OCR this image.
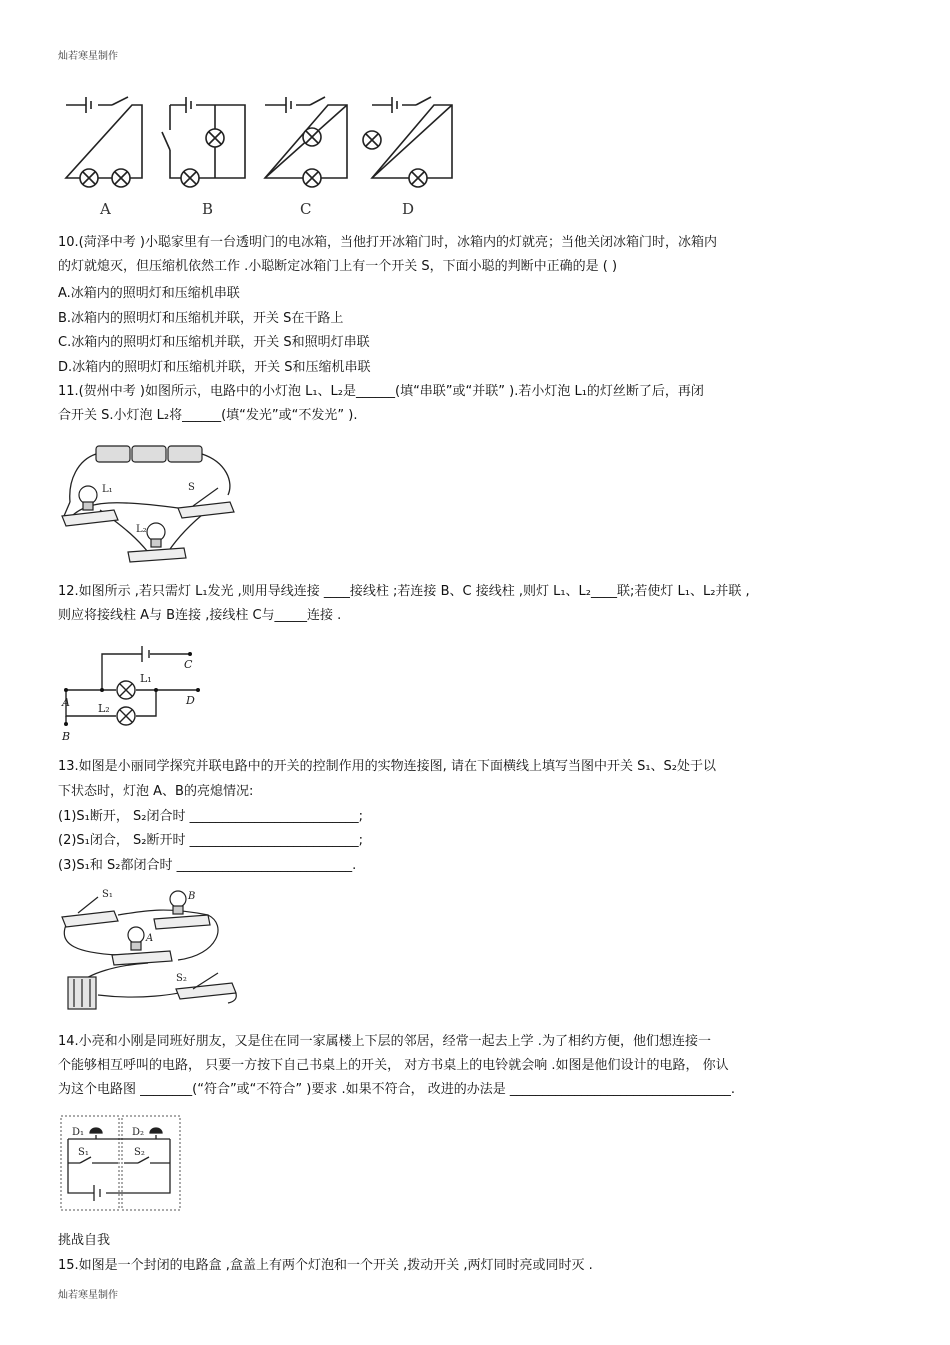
灿若寒星制作
A	B	C	D
10.(菏泽中考 )小聪家里有一台透明门的电冰箱，当他打开冰箱门时，冰箱内的灯就亮；当他关闭冰箱门时，冰箱内
的灯就熄灭，但压缩机依然工作 .小聪断定冰箱门上有一个开关 S，下面小聪的判断中正确的是 ( )
A.冰箱内的照明灯和压缩机串联
B.冰箱内的照明灯和压缩机并联，开关 S在干路上
C.冰箱内的照明灯和压缩机并联，开关 S和照明灯串联
D.冰箱内的照明灯和压缩机并联，开关 S和压缩机串联
11.(贺州中考 )如图所示，电路中的小灯泡 L₁、L₂是______(填“串联”或“并联” ).若小灯泡 L₁的灯丝断了后，再闭
合开关 S.小灯泡 L₂将______(填“发光”或“不发光” ).
L₁	S
L₂
12.如图所示 ,若只需灯 L₁发光 ,则用导线连接 ____接线柱 ;若连接 B、C 接线柱 ,则灯 L₁、L₂____联;若使灯 L₁、L₂并联 ,
则应将接线柱 A与 B连接 ,接线柱 C与_____连接 .
A
B
C
D
L₁
L₂
13.如图是小丽同学探究并联电路中的开关的控制作用的实物连接图, 请在下面横线上填写当图中开关 S₁、S₂处于以
下状态时，灯泡 A、B的亮熄情况:
(1)S₁断开， S₂闭合时 __________________________;
(2)S₁闭合， S₂断开时 __________________________;
(3)S₁和 S₂都闭合时 ___________________________.
S₁	B
A
S₂
14.小亮和小刚是同班好朋友，又是住在同一家属楼上下层的邻居，经常一起去上学 .为了相约方便，他们想连接一
个能够相互呼叫的电路， 只要一方按下自己书桌上的开关， 对方书桌上的电铃就会响 .如图是他们设计的电路， 你认
为这个电路图 ________(“符合”或“不符合” )要求 .如果不符合， 改进的办法是 __________________________________.
D₁	D₂
S₁	S₂
挑战自我
15.如图是一个封闭的电路盒 ,盒盖上有两个灯泡和一个开关 ,拨动开关 ,两灯同时亮或同时灭 .
灿若寒星制作
